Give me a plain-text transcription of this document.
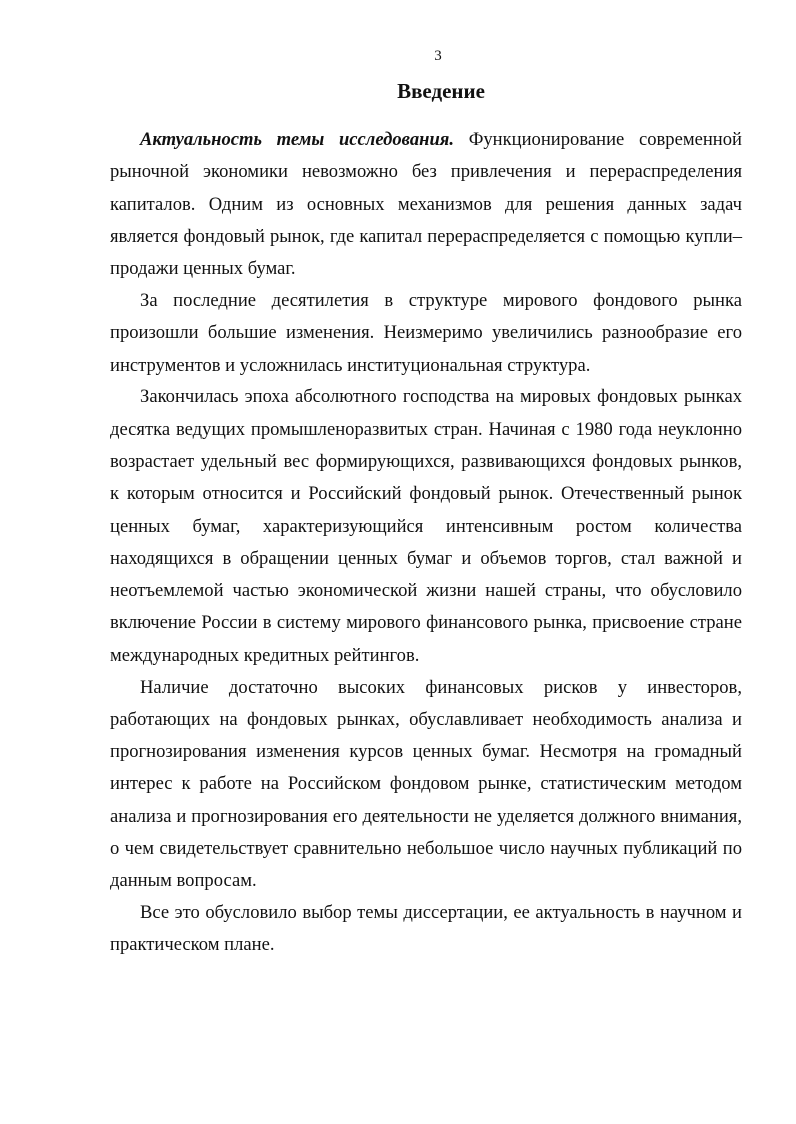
3
Введение

Актуальность темы исследования. Функционирование современной рыночной экономики невозможно без привлечения и перераспределения капиталов. Одним из основных механизмов для решения данных задач является фондовый рынок, где капитал перераспределяется с помощью купли–продажи ценных бумаг.

За последние десятилетия в структуре мирового фондового рынка произошли большие изменения. Неизмеримо увеличились разнообразие его инструментов и усложнилась институциональная структура.

Закончилась эпоха абсолютного господства на мировых фондовых рынках десятка ведущих промышленоразвитых стран. Начиная с 1980 года неуклонно возрастает удельный вес формирующихся, развивающихся фондовых рынков, к которым относится и Российский фондовый рынок. Отечественный рынок ценных бумаг, характеризующийся интенсивным ростом количества находящихся в обращении ценных бумаг и объемов торгов, стал важной и неотъемлемой частью экономической жизни нашей страны, что обусловило включение России в систему мирового финансового рынка, присвоение стране международных кредитных рейтингов.

Наличие достаточно высоких финансовых рисков у инвесторов, работающих на фондовых рынках, обуславливает необходимость анализа и прогнозирования изменения курсов ценных бумаг. Несмотря на громадный интерес к работе на Российском фондовом рынке, статистическим методом анализа и прогнозирования его деятельности не уделяется должного внимания, о чем свидетельствует сравнительно небольшое число научных публикаций по данным вопросам.

Все это обусловило выбор темы диссертации, ее актуальность в научном и практическом плане.
